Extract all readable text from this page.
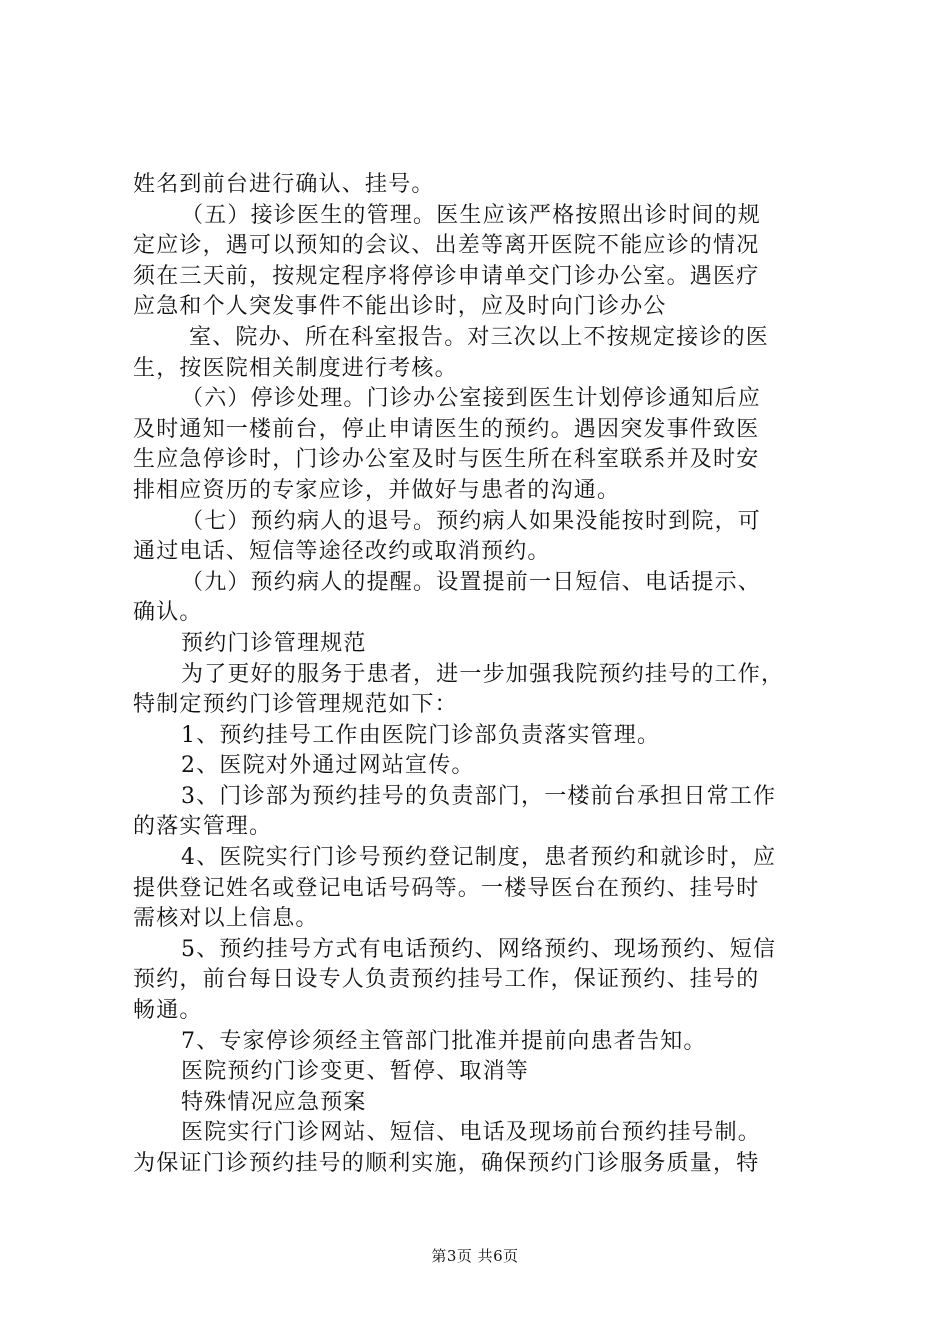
姓名到前台进行确认、挂号。
（五）接诊医生的管理。医生应该严格按照出诊时间的规
定应诊，遇可以预知的会议、出差等离开医院不能应诊的情况
须在三天前，按规定程序将停诊申请单交门诊办公室。遇医疗
应急和个人突发事件不能出诊时，应及时向门诊办公
室、院办、所在科室报告。对三次以上不按规定接诊的医
生，按医院相关制度进行考核。
（六）停诊处理。门诊办公室接到医生计划停诊通知后应
及时通知一楼前台，停止申请医生的预约。遇因突发事件致医
生应急停诊时，门诊办公室及时与医生所在科室联系并及时安
排相应资历的专家应诊，并做好与患者的沟通。
（七）预约病人的退号。预约病人如果没能按时到院，可
通过电话、短信等途径改约或取消预约。
（九）预约病人的提醒。设置提前一日短信、电话提示、
确认。
预约门诊管理规范
为了更好的服务于患者，进一步加强我院预约挂号的工作，
特制定预约门诊管理规范如下：
1、预约挂号工作由医院门诊部负责落实管理。
2、医院对外通过网站宣传。
3、门诊部为预约挂号的负责部门，一楼前台承担日常工作
的落实管理。
4、医院实行门诊号预约登记制度，患者预约和就诊时，应
提供登记姓名或登记电话号码等。一楼导医台在预约、挂号时
需核对以上信息。
5、预约挂号方式有电话预约、网络预约、现场预约、短信
预约，前台每日设专人负责预约挂号工作，保证预约、挂号的
畅通。
7、专家停诊须经主管部门批准并提前向患者告知。
医院预约门诊变更、暂停、取消等
特殊情况应急预案
医院实行门诊网站、短信、电话及现场前台预约挂号制。
为保证门诊预约挂号的顺利实施，确保预约门诊服务质量，特
第3页 共6页
